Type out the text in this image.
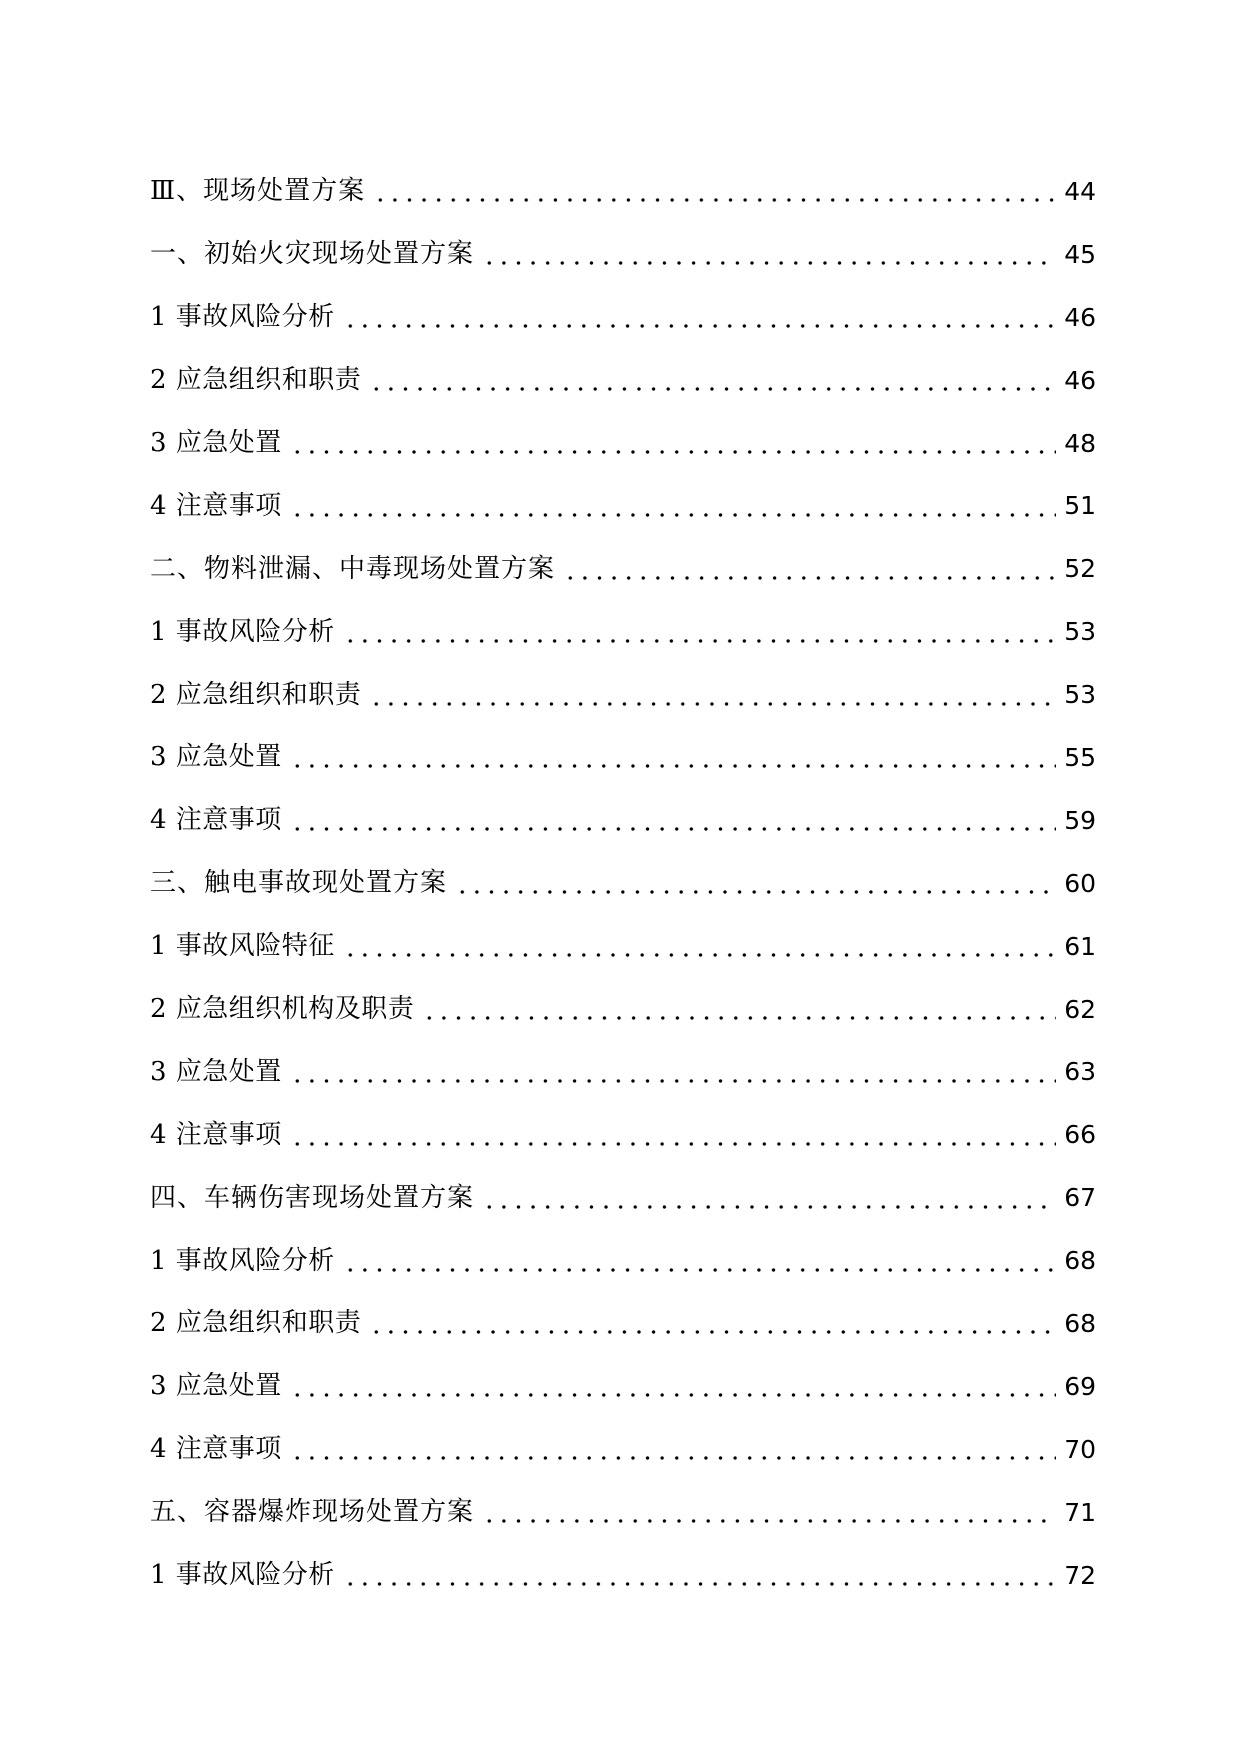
Ⅲ、现场处置方案	44
一、初始火灾现场处置方案	45
1 事故风险分析	46
2 应急组织和职责	46
3 应急处置	48
4 注意事项	51
二、物料泄漏、中毒现场处置方案	52
1 事故风险分析	53
2 应急组织和职责	53
3 应急处置	55
4 注意事项	59
三、触电事故现处置方案	60
1 事故风险特征	61
2 应急组织机构及职责	62
3 应急处置	63
4 注意事项	66
四、车辆伤害现场处置方案	67
1 事故风险分析	68
2 应急组织和职责	68
3 应急处置	69
4 注意事项	70
五、容器爆炸现场处置方案	71
1 事故风险分析	72
